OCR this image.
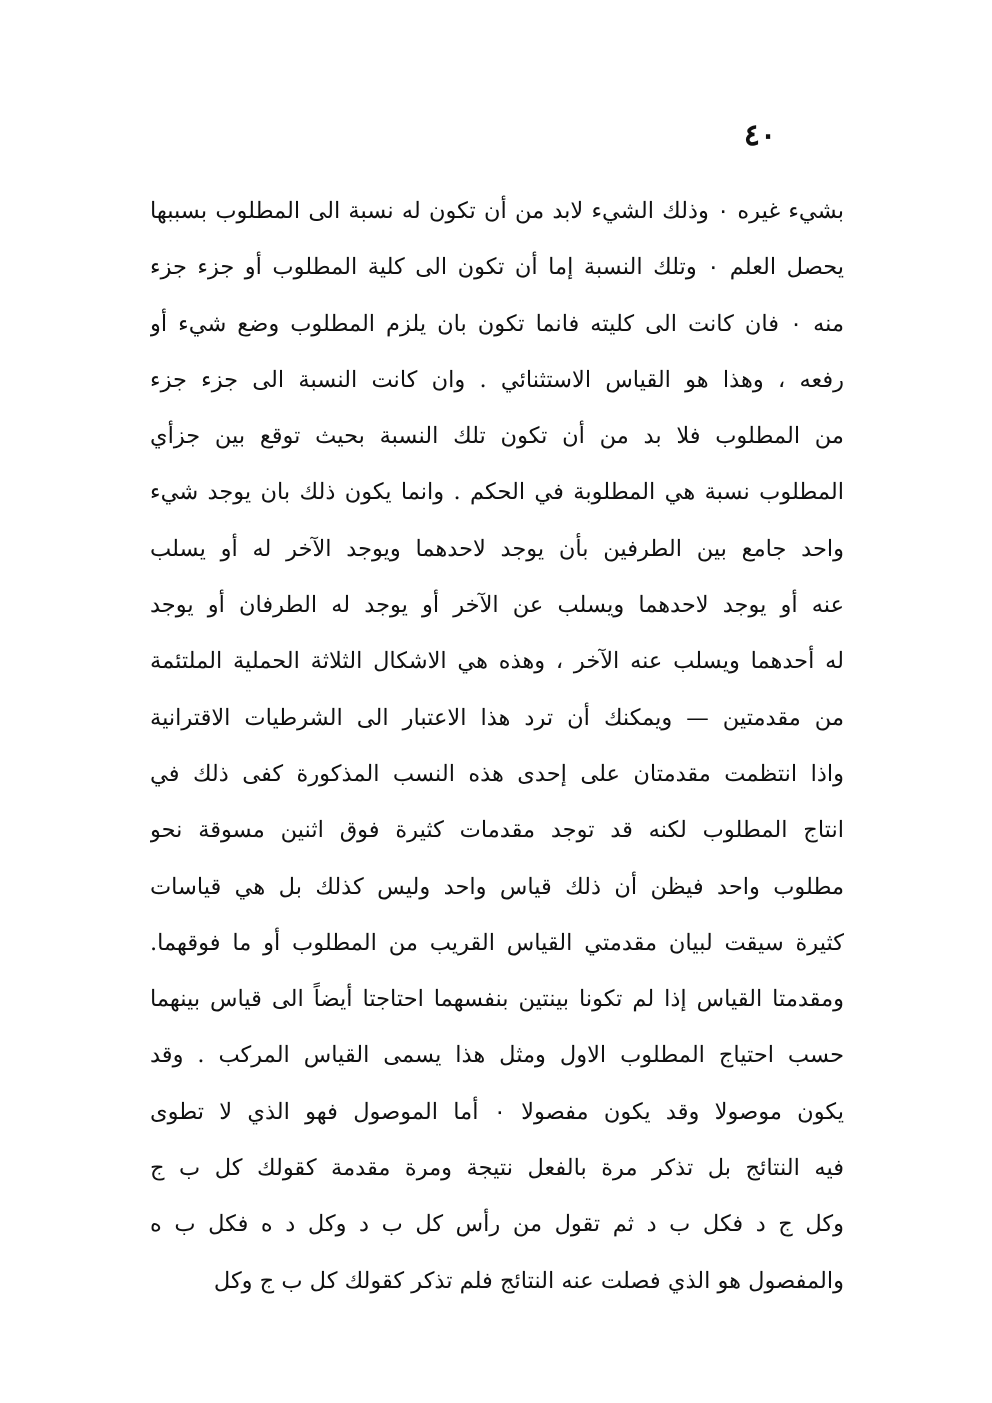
٤٠
بشيء غيره ٠ وذلك الشيء لابد من أن تكون له نسبة الى المطلوب بسببها
يحصل العلم ٠ وتلك النسبة إما أن تكون الى كلية المطلوب أو جزء جزء
منه ٠ فان كانت الى كليته فانما تكون بان يلزم المطلوب وضع شيء أو
رفعه ، وهذا هو القياس الاستثنائي . وان كانت النسبة الى جزء جزء
من المطلوب فلا بد من أن تكون تلك النسبة بحيث توقع بين جزأي
المطلوب نسبة هي المطلوبة في الحكم . وانما يكون ذلك بان يوجد شيء
واحد جامع بين الطرفين بأن يوجد لاحدهما ويوجد الآخر له أو يسلب
عنه أو يوجد لاحدهما ويسلب عن الآخر أو يوجد له الطرفان أو يوجد
له أحدهما ويسلب عنه الآخر ، وهذه هي الاشكال الثلاثة الحملية الملتئمة
من مقدمتين — ويمكنك أن ترد هذا الاعتبار الى الشرطيات الاقترانية
واذا انتظمت مقدمتان على إحدى هذه النسب المذكورة كفى ذلك في
انتاج المطلوب لكنه قد توجد مقدمات كثيرة فوق اثنين مسوقة نحو
مطلوب واحد فيظن أن ذلك قياس واحد وليس كذلك بل هي قياسات
كثيرة سيقت لبيان مقدمتي القياس القريب من المطلوب أو ما فوقهما.
ومقدمتا القياس إذا لم تكونا بينتين بنفسهما احتاجتا أيضاً الى قياس بينهما
حسب احتياج المطلوب الاول ومثل هذا يسمى القياس المركب . وقد
يكون موصولا وقد يكون مفصولا ٠ أما الموصول فهو الذي لا تطوى
فيه النتائج بل تذكر مرة بالفعل نتيجة ومرة مقدمة كقولك كل ب ج
وكل ج د فكل ب د ثم تقول من رأس كل ب د وكل د ه فكل ب ه
والمفصول هو الذي فصلت عنه النتائج فلم تذكر كقولك كل ب ج وكل
